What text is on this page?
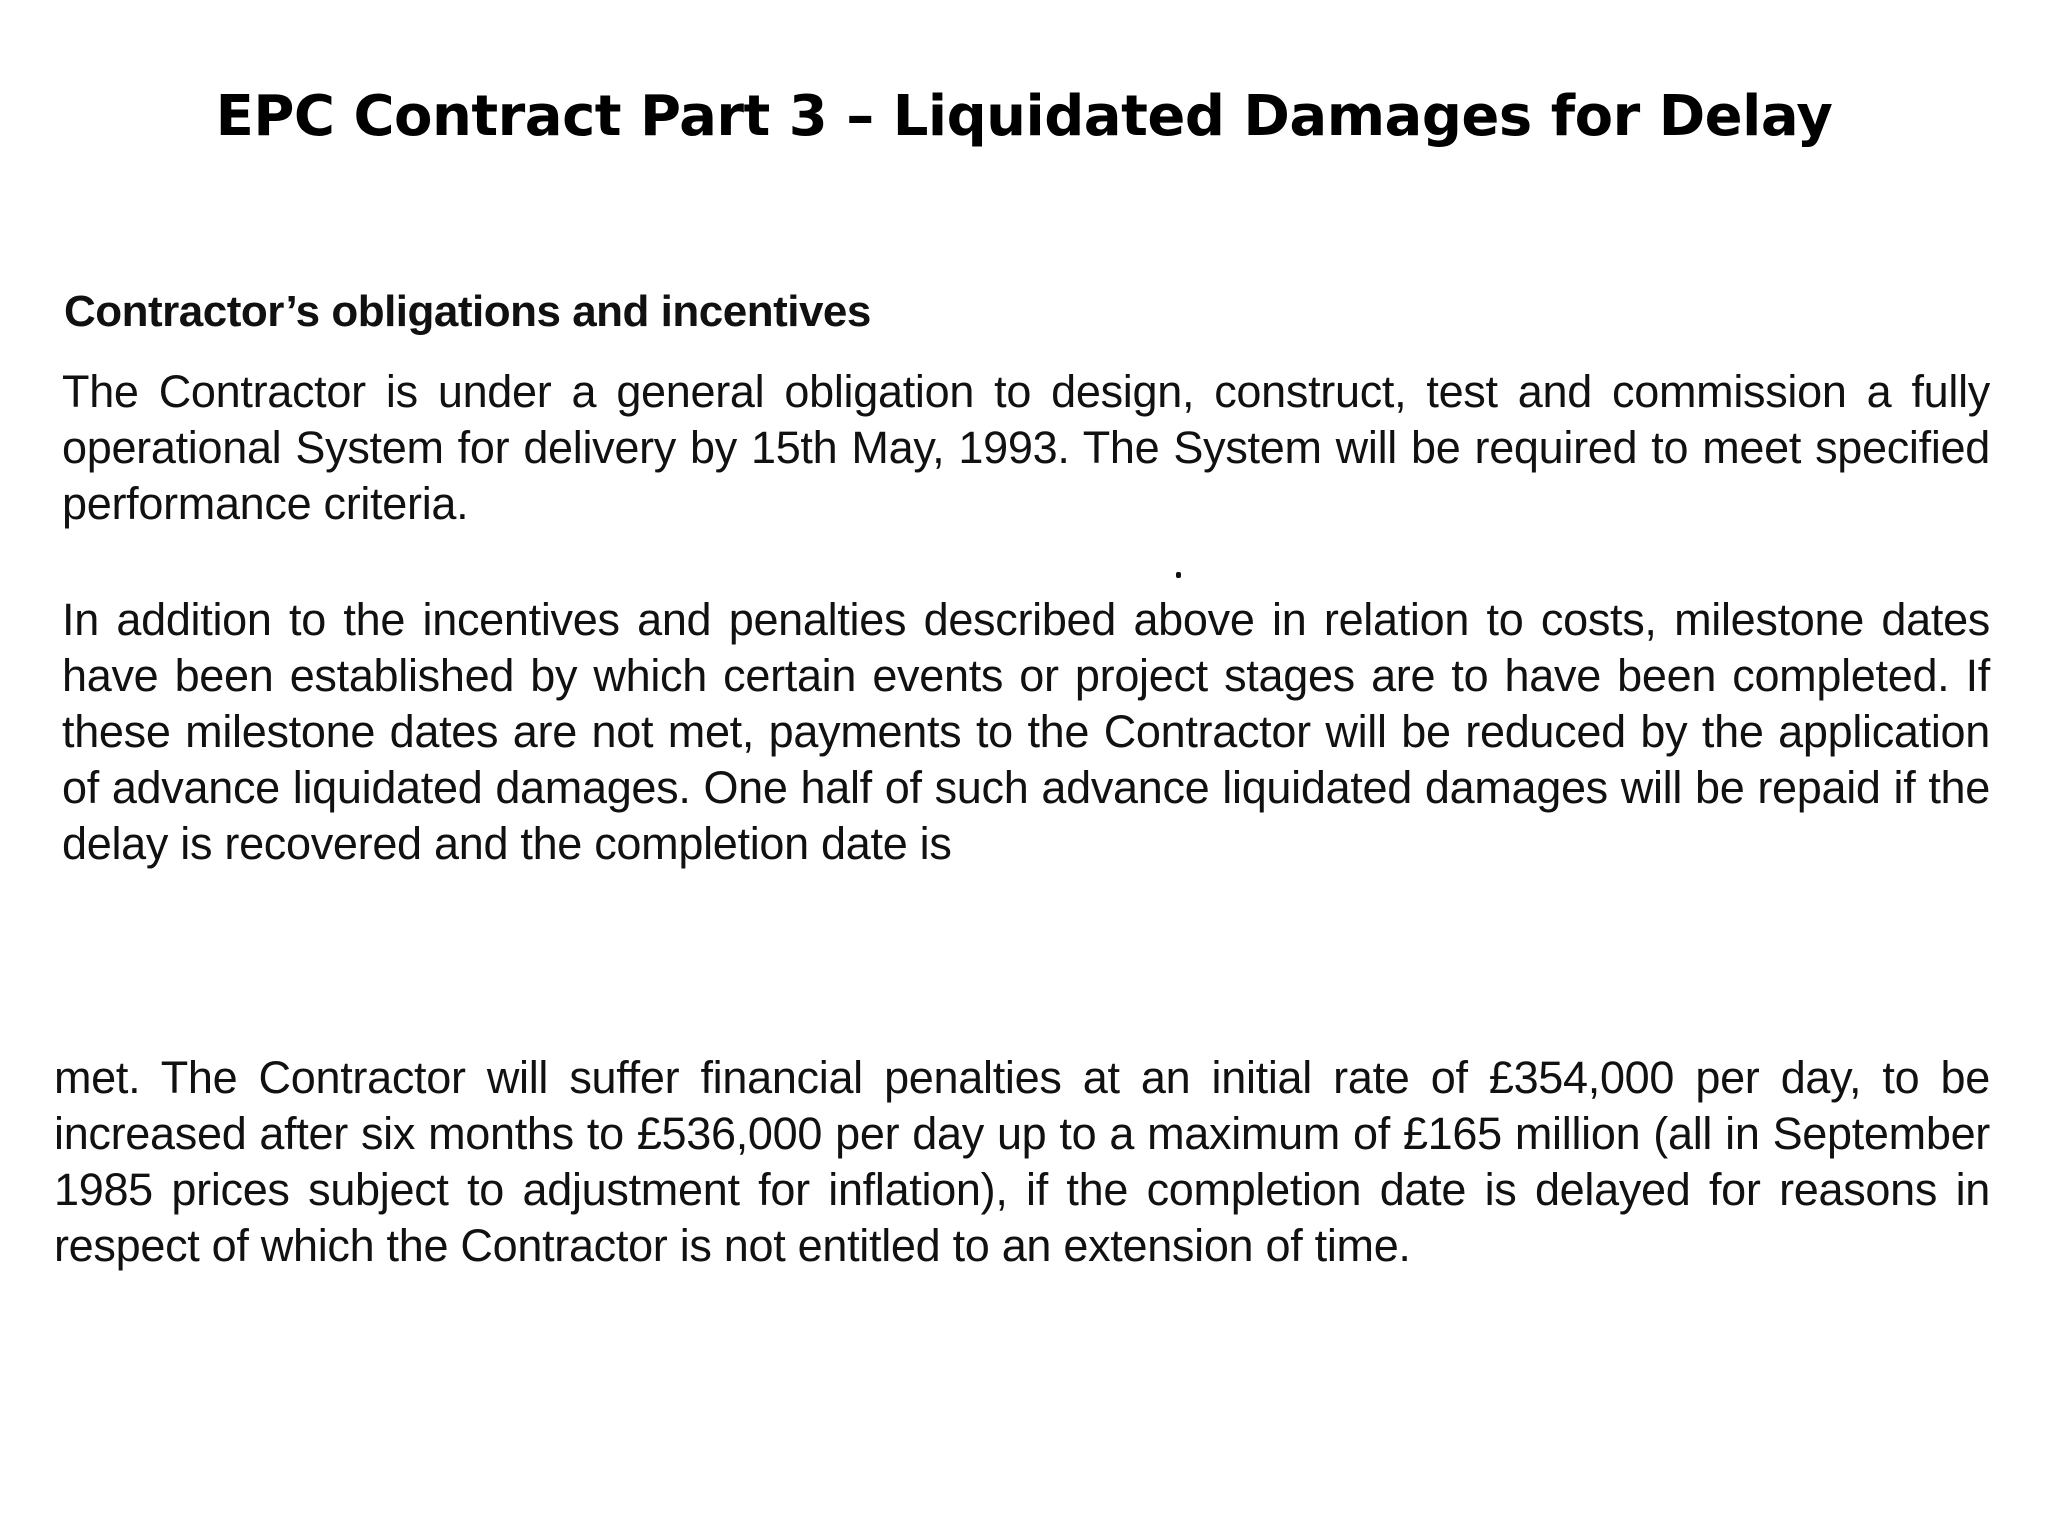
EPC Contract Part 3 – Liquidated Damages for Delay
Contractor’s obligations and incentives
The Contractor is under a general obligation to design, construct, test and commission a fully operational System for delivery by 15th May, 1993. The System will be required to meet specified performance criteria.
In addition to the incentives and penalties described above in relation to costs, milestone dates have been established by which certain events or project stages are to have been completed. If these milestone dates are not met, payments to the Contractor will be reduced by the application of advance liquidated damages. One half of such advance liquidated damages will be repaid if the delay is recovered and the completion date is
met. The Contractor will suffer financial penalties at an initial rate of £354,000 per day, to be increased after six months to £536,000 per day up to a maximum of £165 million (all in September 1985 prices subject to adjustment for inflation), if the completion date is delayed for reasons in respect of which the Contractor is not entitled to an extension of time.
